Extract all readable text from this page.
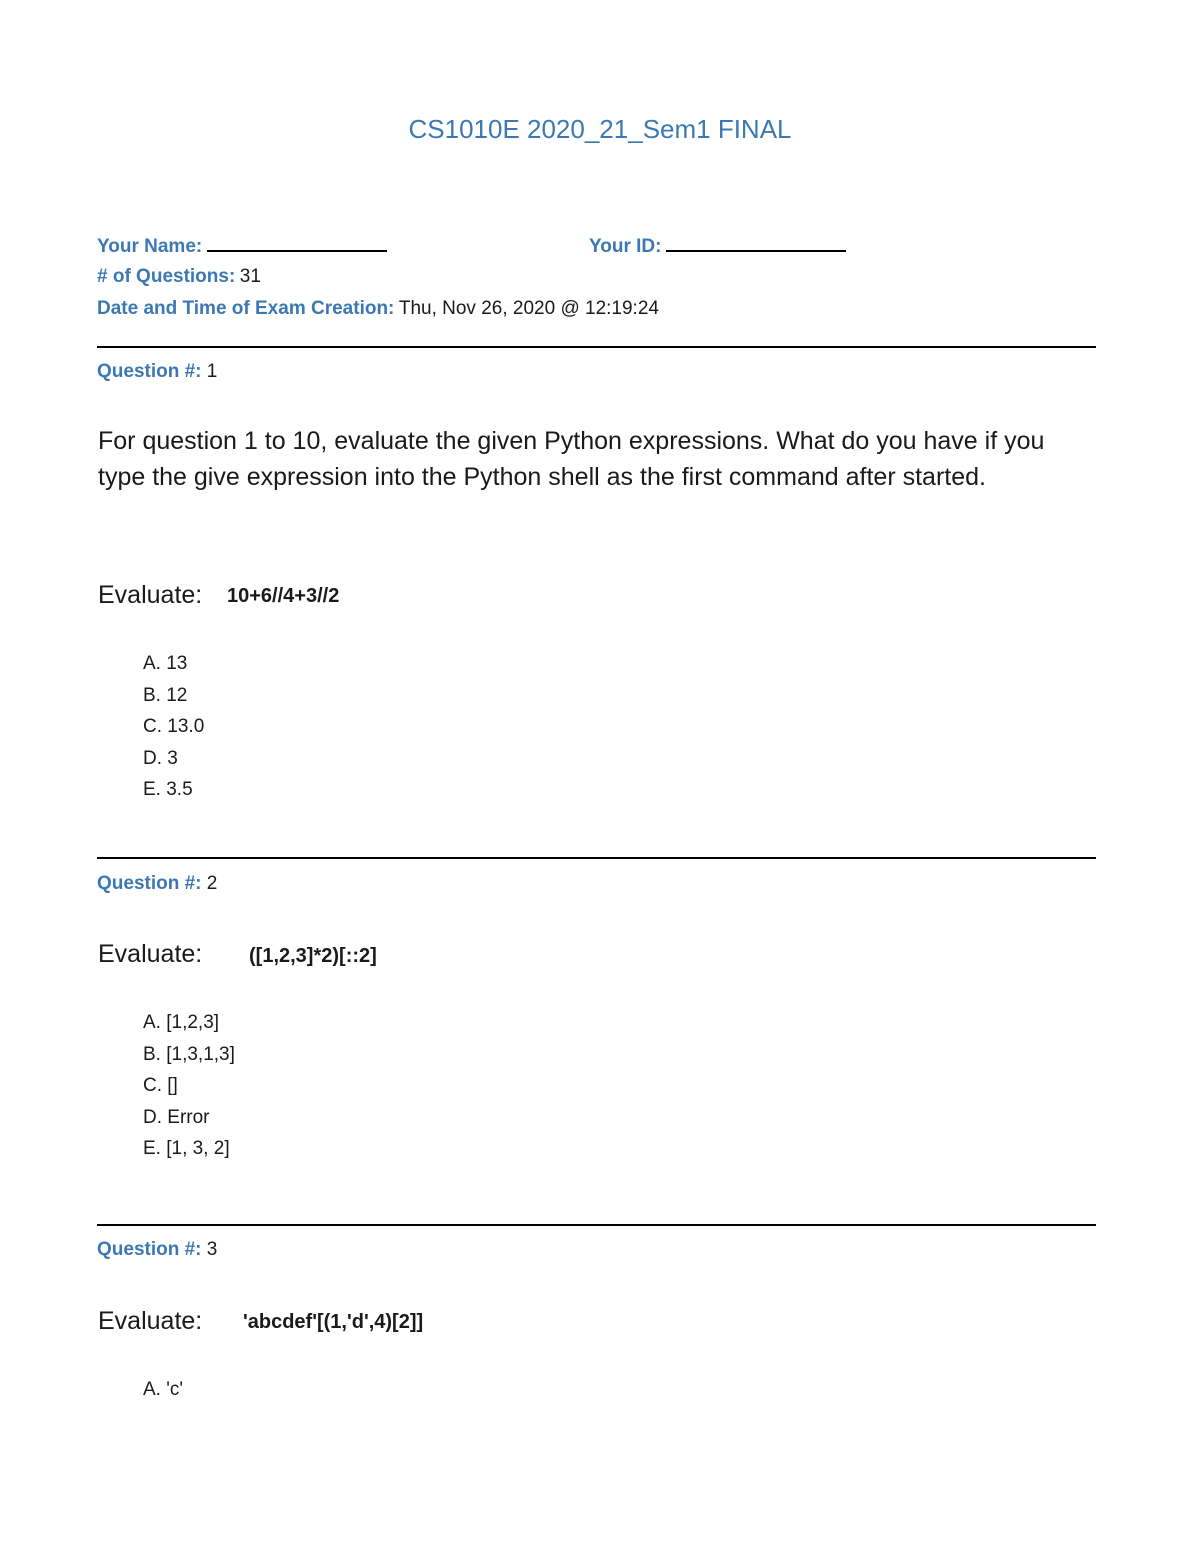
CS1010E 2020_21_Sem1 FINAL
Your Name:	Your ID:
# of Questions: 31
Date and Time of Exam Creation: Thu, Nov 26, 2020 @ 12:19:24
Question #: 1
For question 1 to 10, evaluate the given Python expressions. What do you have if you type the give expression into the Python shell as the first command after started.
Evaluate: 10+6//4+3//2
A. 13
B. 12
C. 13.0
D. 3
E. 3.5
Question #: 2
Evaluate: ([1,2,3]*2)[::2]
A. [1,2,3]
B. [1,3,1,3]
C. []
D. Error
E. [1, 3, 2]
Question #: 3
Evaluate: 'abcdef'[(1,'d',4)[2]]
A. 'c'
